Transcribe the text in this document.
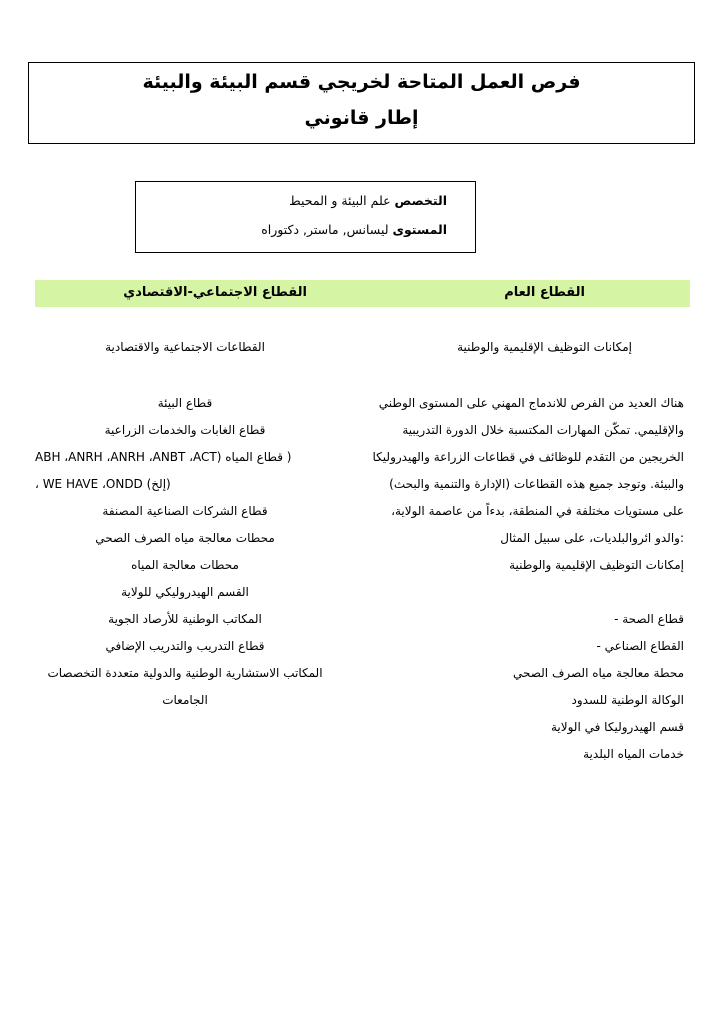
فرص العمل المتاحة لخريجي قسم البيئة والبيئة
إطار قانوني
التخصص علم البيئة و المحيط
المستوى ليسانس, ماستر, دكتوراه
القطاع العام
القطاع الاجتماعي-الاقتصادي
إمكانات التوظيف الإقليمية والوطنية
هناك العديد من الفرص للاندماج المهني على المستوى الوطني
والإقليمي. تمكّن المهارات المكتسبة خلال الدورة التدريبية
الخريجين من التقدم للوظائف في قطاعات الزراعة والهيدروليكا
والبيئة. وتوجد جميع هذه القطاعات (الإدارة والتنمية والبحث)
على مستويات مختلفة في المنطقة، بدءاً من عاصمة الولاية،
:والدو ائروالبلديات، على سبيل المثال
إمكانات التوظيف الإقليمية والوطنية
قطاع الصحة -
القطاع الصناعي -
محطة معالجة مياه الصرف الصحي
الوكالة الوطنية للسدود
قسم الهيدروليكا في الولاية
خدمات المياه البلدية
القطاعات الاجتماعية والاقتصادية
قطاع البيئة
قطاع الغابات والخدمات الزراعية
ABH ،ANRH ،ANRH ،ANBT ،ACT) قطاع المياه )
، WE HAVE ،ONDD (إلخ)
قطاع الشركات الصناعية المصنفة
محطات معالجة مياه الصرف الصحي
محطات معالجة المياه
القسم الهيدروليكي للولاية
المكاتب الوطنية للأرصاد الجوية
قطاع التدريب والتدريب الإضافي
المكاتب الاستشارية الوطنية والدولية متعددة التخصصات
الجامعات
